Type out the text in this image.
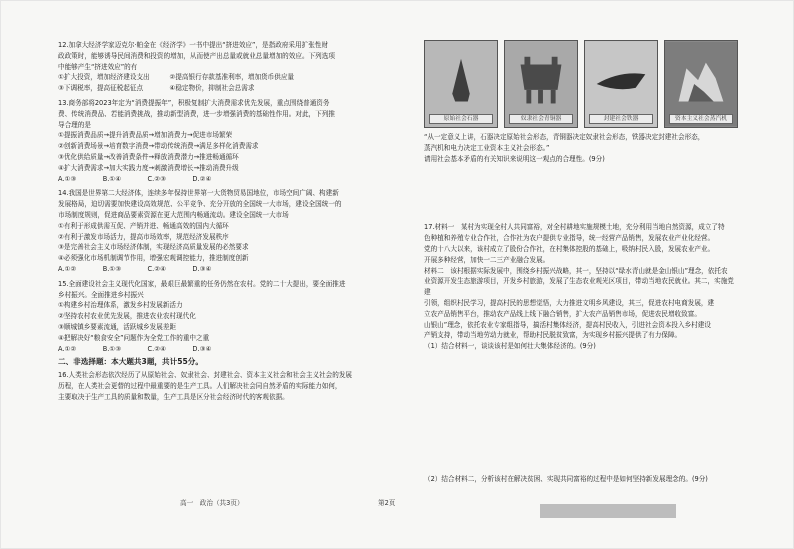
12.加拿大经济学家迈克尔·帕金在《经济学》一书中提出“挤进效应”，是指政府采用扩张性财

政政策时，能够诱导民间消费和投资的增加，从而使产出总量或就业总量增加的效应。下列选项

中能够产生“挤进效应”的有

①扩大投资，增加经济建设支出　　　②提高银行存款基准利率，增加货币供应量

③下调税率，提高征税起征点　　　　④稳定物价，抑制社会总需求

13.商务部将2023年定为“消费提振年”，积极复制扩大消费需求优先发展，重点围绕普通资务

费、传统消费品、若能消费挑战，推动新型消费，进一步增强消费的基础性作用。对此，下列推

导合理的是

①提振消费品质→提升消费品质→增加消费力→促进市场繁荣

②创新消费场景→培育数字消费→带动传统消费→满足多样化消费需求

③优化供给质量→改善消费条件→释放消费潜力→推进畅通循环

④扩大消费需求→加大实践力度→刺激消费增长→推动消费升级

A.①③　　　　B.①④　　　　C.②③　　　　D.②④

14.我国是世界第二大经济体，连续多年保持世界第一大货物贸易国地位，市场空间广阔、构建新

发展格局，迫切需要加快建设高效规范、公平竞争、充分开放的全国统一大市场，建设全国统一的

市场制度规则，促进商品要素资源在更大范围内畅通流动。建设全国统一大市场

①有利于形成供需互促、产销并进、畅通高效的国内大循环

②有利于激发市场活力，提高市场效率，规范经济发展秩序

③是完善社会主义市场经济体制，实现经济高质量发展的必然要求

④必须强化市场机制调节作用，增强宏观调控能力，推进制度创新

A.①②　　　　B.①③　　　　C.②④　　　　D.③④

15.全面建设社会主义现代化国家，最艰巨最繁重的任务仍然在农村。党的二十大提出，要全面推进

乡村振兴。全面推进乡村振兴

①构建乡村治理体系，激发乡村发展新活力

②坚持农村农业优先发展，推进农业农村现代化

③顺城镇乡要素流通，活跃城乡发展差距

④把解决好“粮食安全”问题作为全党工作的重中之重

A.①②　　　　B.①③　　　　C.②④　　　　D.③④

二、非选择题：本大题共3题，共计55分。

16.人类社会形态依次经历了从原始社会、奴隶社会、封建社会、资本主义社会和社会主义社会的发展

历程，在人类社会更替的过程中最重要的是生产工具。人们解决社会同自然矛盾的实际能力如何，

主要取决于生产工具的质量和数量，生产工具是区分社会经济时代的客观依据。

原始社会石器	奴隶社会青铜器	封建社会铁器	资本主义社会蒸汽机

“从一定意义上讲，石器决定原始社会形态，青铜器决定奴隶社会形态，铁器决定封建社会形态，

蒸汽机和电力决定工业资本主义社会形态。”

请用社会基本矛盾的有关知识来说明这一观点的合理性。(9分)

17.材料一　某村为实现全村人共同富裕，对全村耕地实施规模土地，充分利用当地自然资源，成立了特

色种植和养殖专业合作社，合作社为农户提供专业指导，统一经营产品销售，发展农业产业化经营。

党的十八大以来，该村成立了股份合作社，在村集体控股的基础上，吸纳村民入股，发展农业产业。

开展多种经营，加快一二三产业融合发展。

材料二　该村根据实际发展中，围绕乡村振兴战略，其一，坚持以“绿水青山就是金山银山”理念，依托农

业资源开发生态旅游项目，开发乡村旅游，发展了生态农业观光区项目，带动当地农民就业。其二，实施党建

引领，组织村民学习，提高村民的思想觉悟，大力推进文明乡风建设，其三，促进农村电商发展，建

立农产品销售平台，推动农产品线上线下融合销售，扩大农产品销售市场，促进农民增收致富。

山银山”理念，依托农业专家组指导，搞活村集体经济，提高村民收入，引进社会资本投入乡村建设

产销支持，带动当地劳动力就业，帮助村民脱贫致富，为实现乡村振兴提供了有力保障。

（1）结合材料一，谈谈该村是如何壮大集体经济的。(9分)

（2）结合材料二，分析该村在解决贫困、实现共同富裕的过程中是如何坚持新发展理念的。(9分)

高一　政治（共3页）	第2页
